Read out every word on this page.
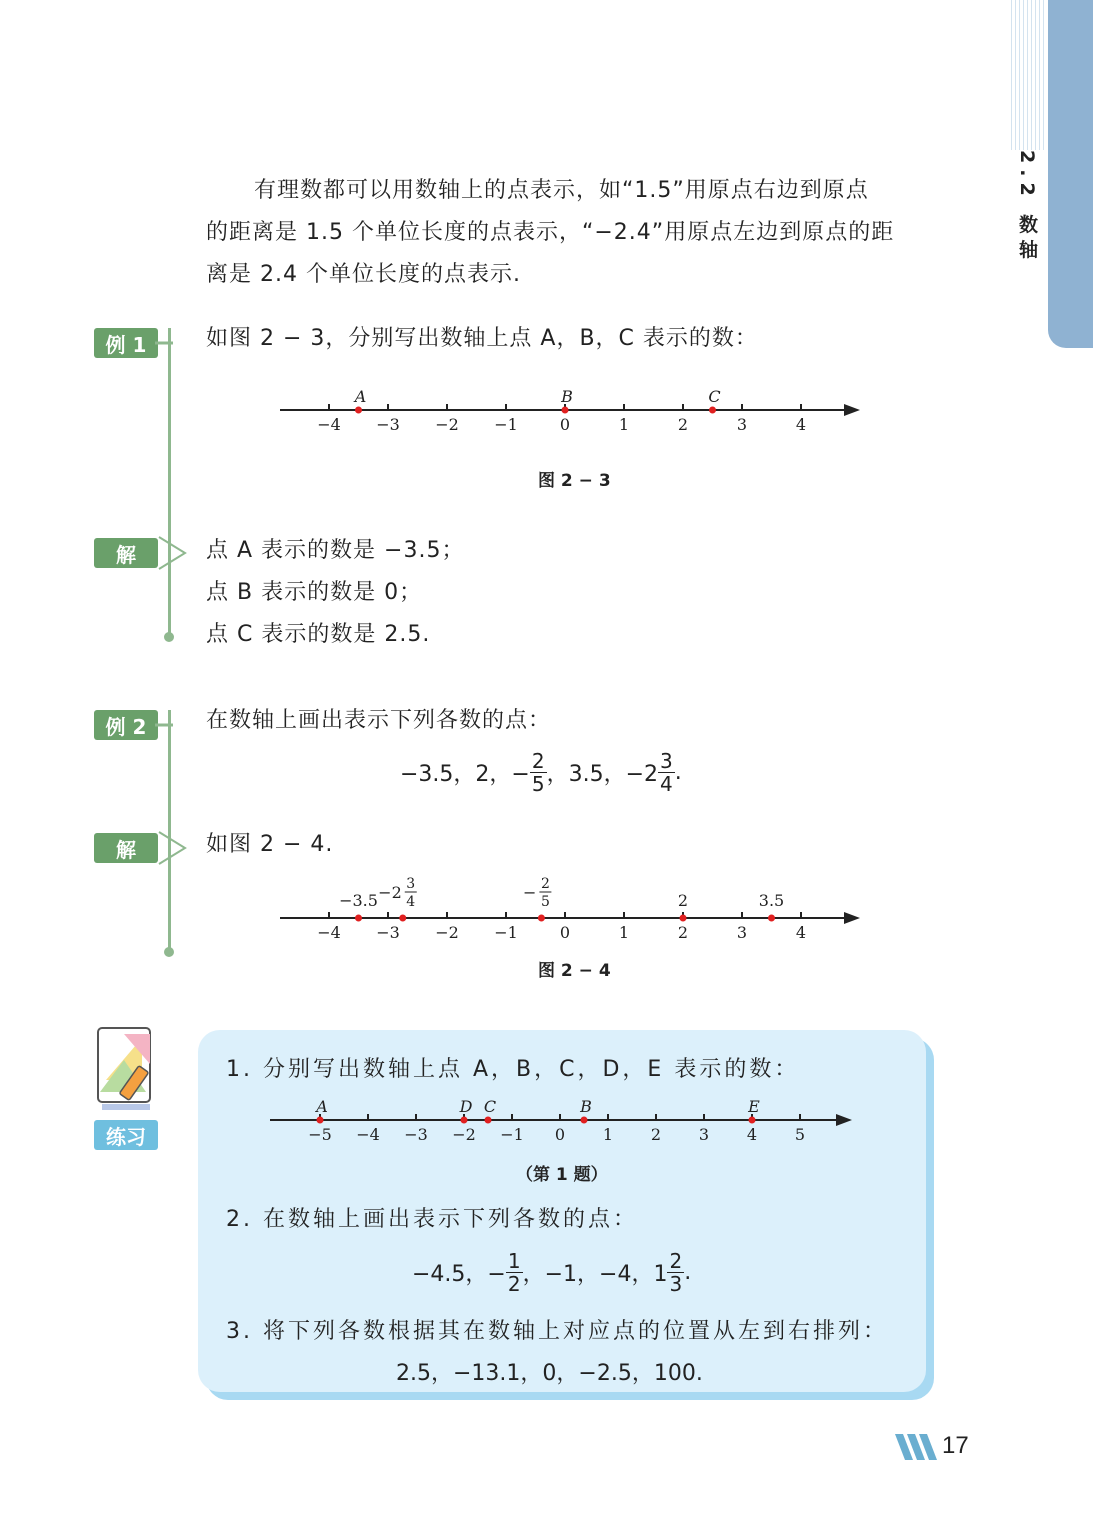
2.2 数轴
有理数都可以用数轴上的点表示，如“1.5”用原点右边到原点
的距离是 1.5 个单位长度的点表示，“−2.4”用原点左边到原点的距
离是 2.4 个单位长度的点表示.
例 1	如图 2 − 3，分别写出数轴上点 A，B，C 表示的数：
−4 −3 −2 −1	0	1	2	3	4
A	B	C
图 2 − 3
解	点 A 表示的数是 −3.5；
点 B 表示的数是 0；
点 C 表示的数是 2.5.
例 2	在数轴上画出表示下列各数的点：
−3.5，2，− $\frac{2}{5}$ ，3.5，$-2 \frac{3}{4}$ .
解	如图 2 − 4.
−4 −3 −2 −1	0	1	2	3	4
−3.5 −2 3
4	− 2
5	2	3.5
图 2 − 4
练习
1. 分别写出数轴上点 A，B，C，D，E 表示的数：
−5 −4 −3 −2 −1 0 1 2 3 4 5
A	D C	B	E
（第 1 题）
2. 在数轴上画出表示下列各数的点：
−4.5，− $\frac{1}{2}$ ，−1，−4，$1 \frac{2}{3}$ .
3. 将下列各数根据其在数轴上对应点的位置从左到右排列：
2.5，−13.1，0，−2.5，100.
17
